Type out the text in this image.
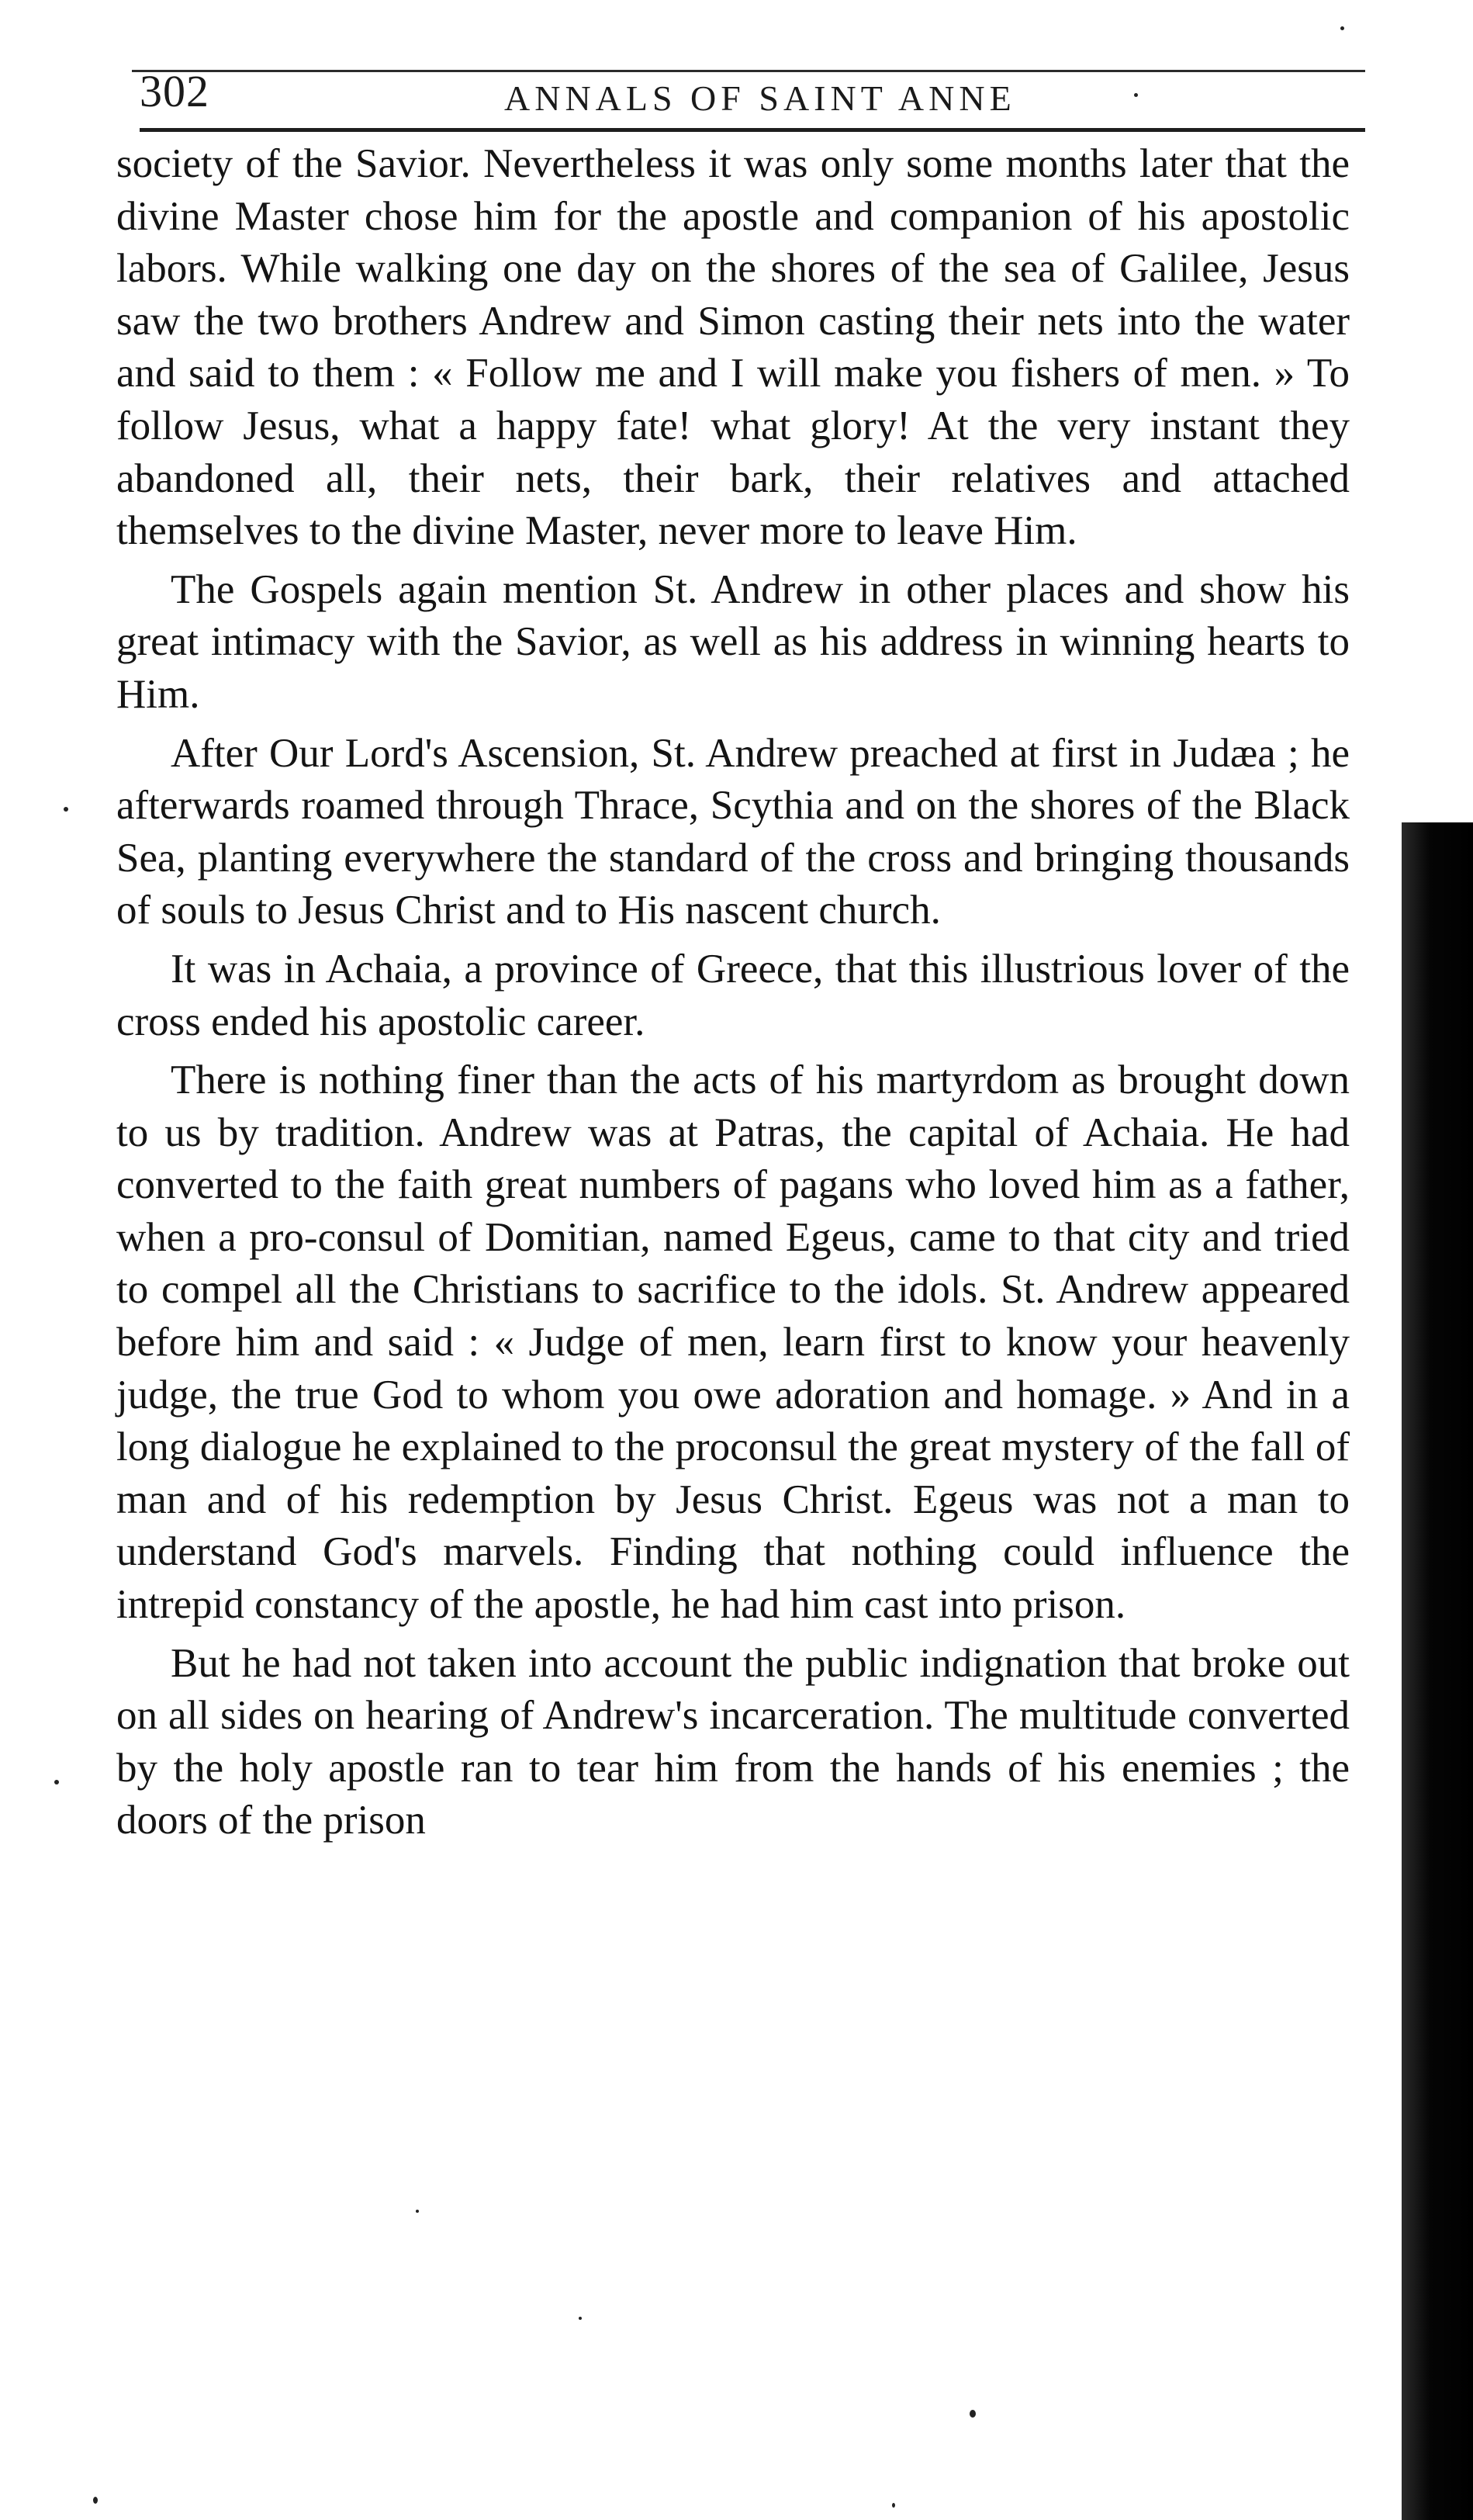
302	ANNALS OF SAINT ANNE

society of the Savior. Nevertheless it was only some months later that the divine Master chose him for the apostle and companion of his apostolic labors. While walking one day on the shores of the sea of Galilee, Jesus saw the two brothers Andrew and Simon casting their nets into the water and said to them : « Follow me and I will make you fishers of men. » To follow Jesus, what a happy fate! what glory! At the very instant they abandoned all, their nets, their bark, their relatives and attached themselves to the divine Master, never more to leave Him.

The Gospels again mention St. Andrew in other places and show his great intimacy with the Savior, as well as his address in winning hearts to Him.

After Our Lord's Ascension, St. Andrew preached at first in Judæa ; he afterwards roamed through Thrace, Scythia and on the shores of the Black Sea, planting everywhere the standard of the cross and bringing thousands of souls to Jesus Christ and to His nascent church.

It was in Achaia, a province of Greece, that this illustrious lover of the cross ended his apostolic career.

There is nothing finer than the acts of his martyrdom as brought down to us by tradition. Andrew was at Patras, the capital of Achaia. He had converted to the faith great numbers of pagans who loved him as a father, when a pro-consul of Domitian, named Egeus, came to that city and tried to compel all the Christians to sacrifice to the idols. St. Andrew appeared before him and said : « Judge of men, learn first to know your heavenly judge, the true God to whom you owe adoration and homage. » And in a long dialogue he explained to the proconsul the great mystery of the fall of man and of his redemption by Jesus Christ. Egeus was not a man to understand God's marvels. Finding that nothing could influence the intrepid constancy of the apostle, he had him cast into prison.

But he had not taken into account the public indignation that broke out on all sides on hearing of Andrew's incarceration. The multitude converted by the holy apostle ran to tear him from the hands of his enemies ; the doors of the prison
